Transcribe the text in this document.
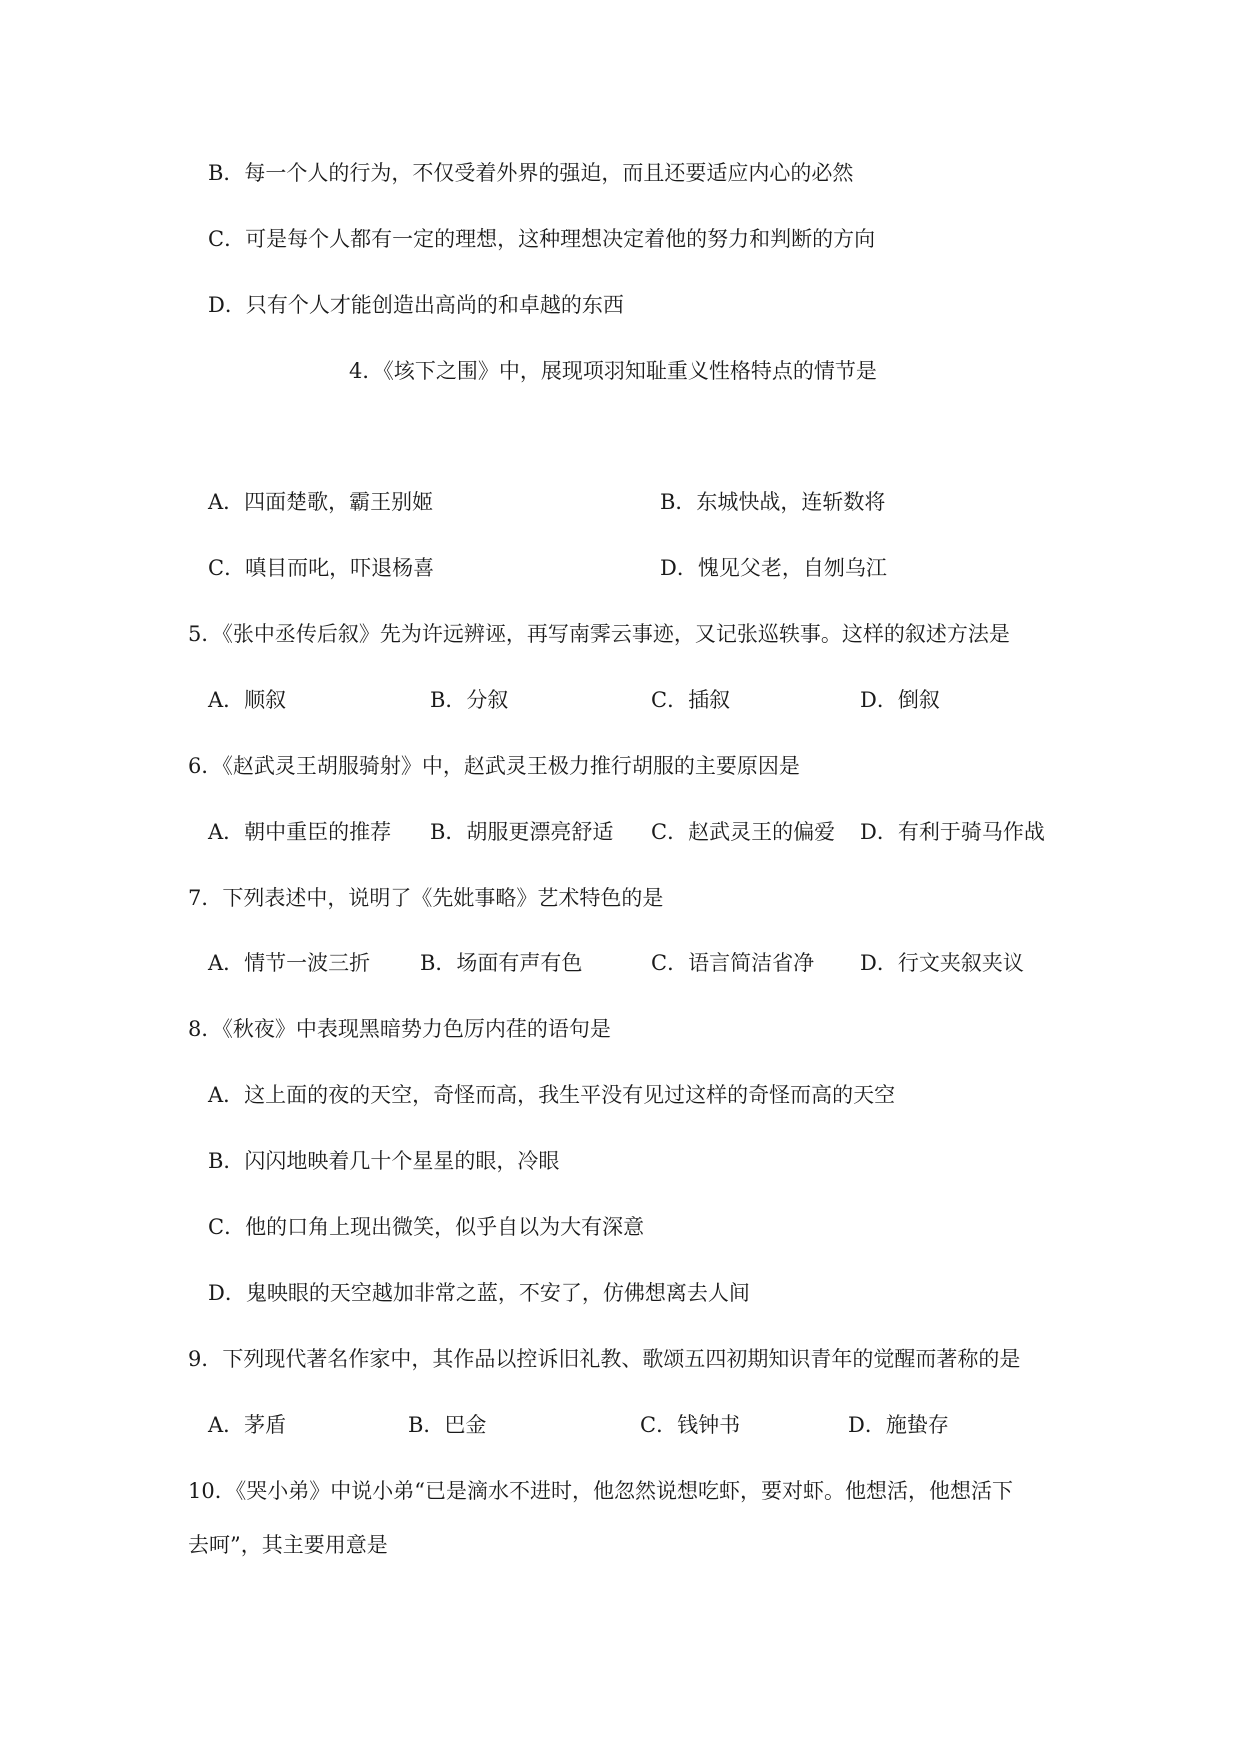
B．每一个人的行为，不仅受着外界的强迫，而且还要适应内心的必然
C．可是每个人都有一定的理想，这种理想决定着他的努力和判断的方向
D．只有个人才能创造出高尚的和卓越的东西
4．《垓下之围》中，展现项羽知耻重义性格特点的情节是
A．四面楚歌，霸王别姬	B．东城快战，连斩数将
C．嗔目而叱，吓退杨喜	D．愧见父老，自刎乌江
5．《张中丞传后叙》先为许远辨诬，再写南霁云事迹，又记张巡轶事。这样的叙述方法是
A．顺叙	B．分叙	C．插叙	D．倒叙
6．《赵武灵王胡服骑射》中，赵武灵王极力推行胡服的主要原因是
A．朝中重臣的推荐 B．胡服更漂亮舒适 C．赵武灵王的偏爱 D．有利于骑马作战
7．下列表述中，说明了《先妣事略》艺术特色的是
A．情节一波三折 B．场面有声有色	C．语言简洁省净 D．行文夹叙夹议
8．《秋夜》中表现黑暗势力色厉内荏的语句是
A．这上面的夜的天空，奇怪而高，我生平没有见过这样的奇怪而高的天空
B．闪闪地映着几十个星星的眼，冷眼
C．他的口角上现出微笑，似乎自以为大有深意
D．鬼映眼的天空越加非常之蓝，不安了，仿佛想离去人间
9．下列现代著名作家中，其作品以控诉旧礼教、歌颂五四初期知识青年的觉醒而著称的是
A．茅盾	B．巴金	C．钱钟书	D．施蛰存
10．《哭小弟》中说小弟“已是滴水不进时，他忽然说想吃虾，要对虾。他想活，他想活下
去呵”，其主要用意是
